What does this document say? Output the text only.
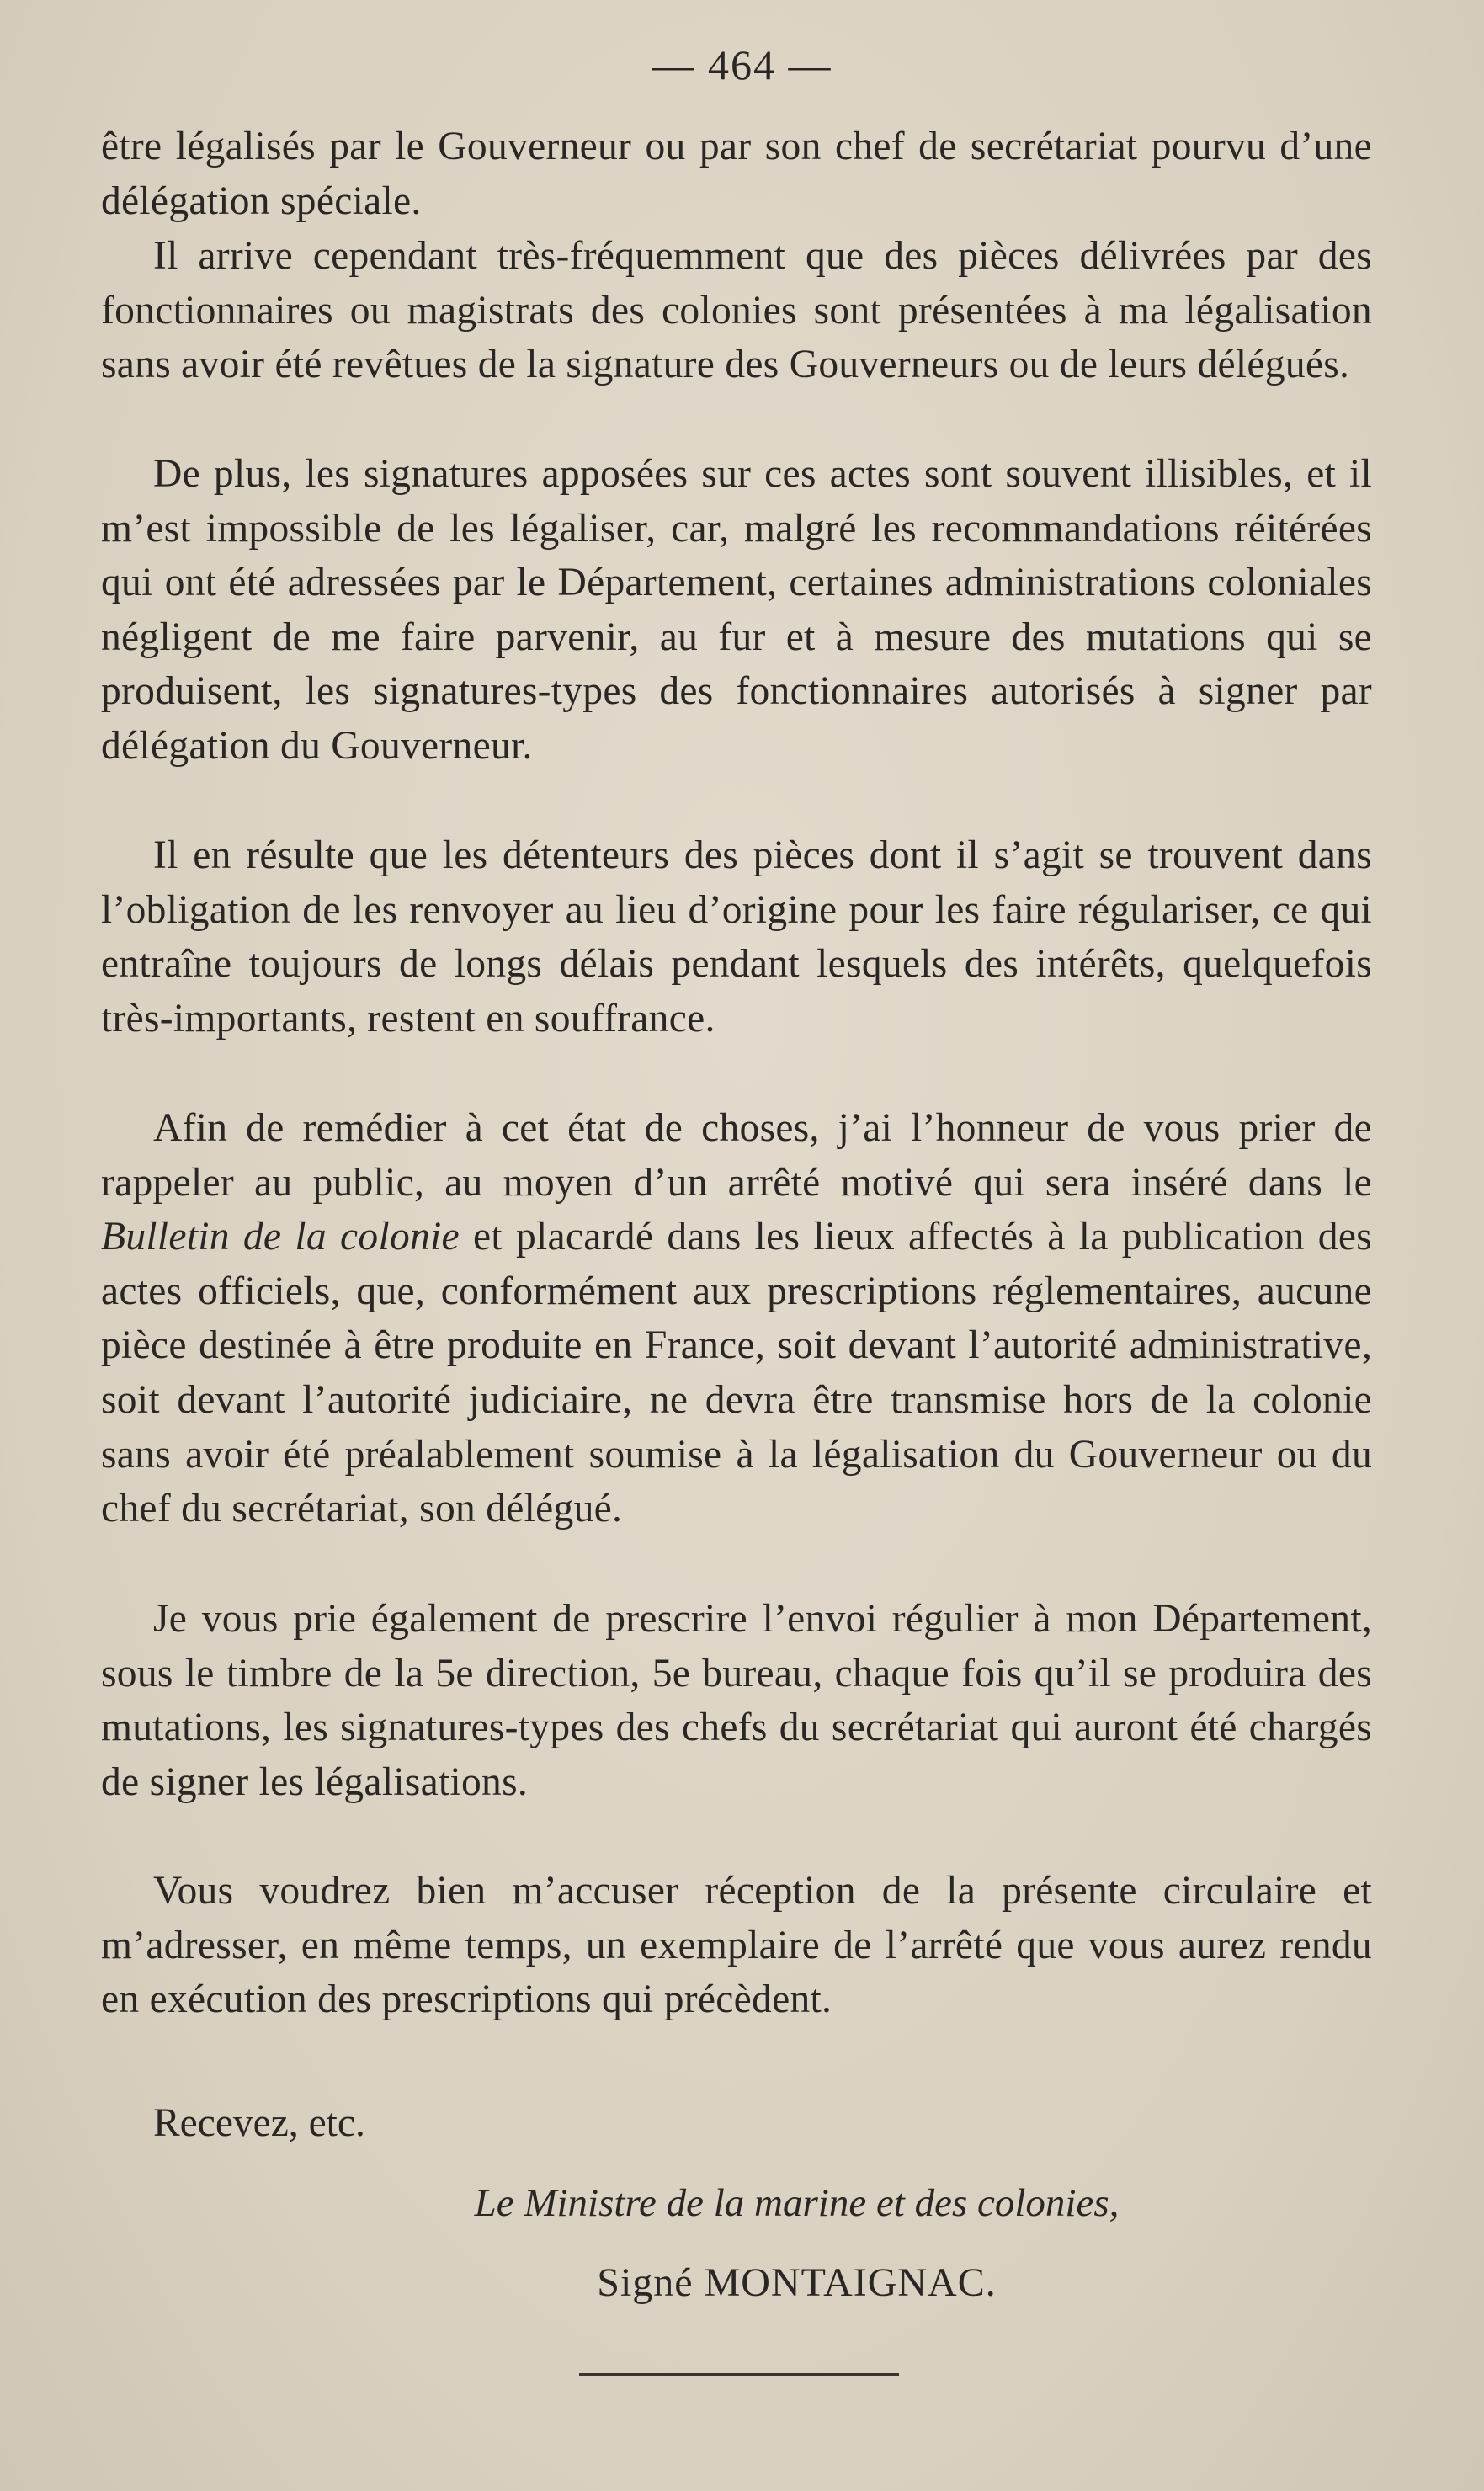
— 464 —
être légalisés par le Gouverneur ou par son chef de secrétariat pourvu d’une délégation spéciale.
Il arrive cependant très-fréquemment que des pièces délivrées par des fonctionnaires ou magistrats des colonies sont présentées à ma légalisation sans avoir été revêtues de la signature des Gouverneurs ou de leurs délégués.
De plus, les signatures apposées sur ces actes sont souvent illisibles, et il m’est impossible de les légaliser, car, malgré les recommandations réitérées qui ont été adressées par le Département, certaines administrations coloniales négligent de me faire parvenir, au fur et à mesure des mutations qui se produisent, les signatures-types des fonctionnaires autorisés à signer par délégation du Gouverneur.
Il en résulte que les détenteurs des pièces dont il s’agit se trouvent dans l’obligation de les renvoyer au lieu d’origine pour les faire régulariser, ce qui entraîne toujours de longs délais pendant lesquels des intérêts, quelquefois très-importants, restent en souffrance.
Afin de remédier à cet état de choses, j’ai l’honneur de vous prier de rappeler au public, au moyen d’un arrêté motivé qui sera inséré dans le Bulletin de la colonie et placardé dans les lieux affectés à la publication des actes officiels, que, conformément aux prescriptions réglementaires, aucune pièce destinée à être produite en France, soit devant l’autorité administrative, soit devant l’autorité judiciaire, ne devra être transmise hors de la colonie sans avoir été préalablement soumise à la légalisation du Gouverneur ou du chef du secrétariat, son délégué.
Je vous prie également de prescrire l’envoi régulier à mon Département, sous le timbre de la 5e direction, 5e bureau, chaque fois qu’il se produira des mutations, les signatures-types des chefs du secrétariat qui auront été chargés de signer les légalisations.
Vous voudrez bien m’accuser réception de la présente circulaire et m’adresser, en même temps, un exemplaire de l’arrêté que vous aurez rendu en exécution des prescriptions qui précèdent.
Recevez, etc.
Le Ministre de la marine et des colonies,
Signé MONTAIGNAC.
